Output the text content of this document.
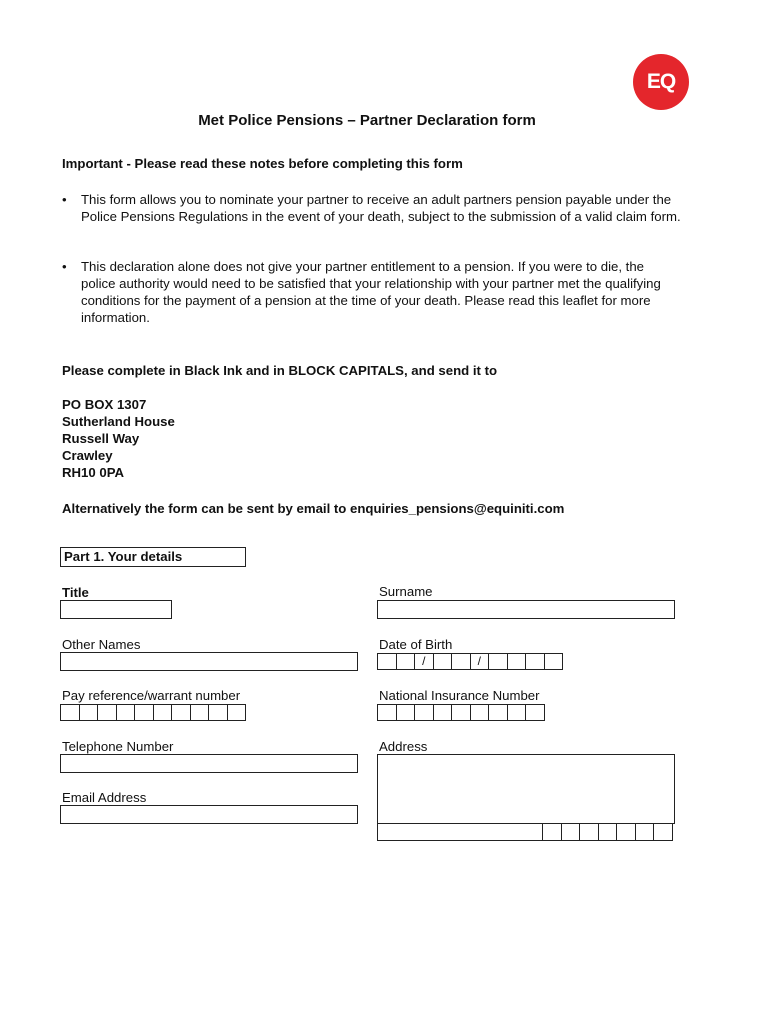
EQ
Met Police Pensions – Partner Declaration form
Important - Please read these notes before completing this form
• This form allows you to nominate your partner to receive an adult partners pension payable under the Police Pensions Regulations in the event of your death, subject to the submission of a valid claim form.
• This declaration alone does not give your partner entitlement to a pension. If you were to die, the police authority would need to be satisfied that your relationship with your partner met the qualifying conditions for the payment of a pension at the time of your death. Please read this leaflet for more information.
Please complete in Black Ink and in BLOCK CAPITALS, and send it to
PO BOX 1307
Sutherland House
Russell Way
Crawley
RH10 0PA
Alternatively the form can be sent by email to enquiries_pensions@equiniti.com
Part 1. Your details
Title	Surname
Other Names	Date of Birth
/	/
Pay reference/warrant number	National Insurance Number
Telephone Number	Address
Email Address
